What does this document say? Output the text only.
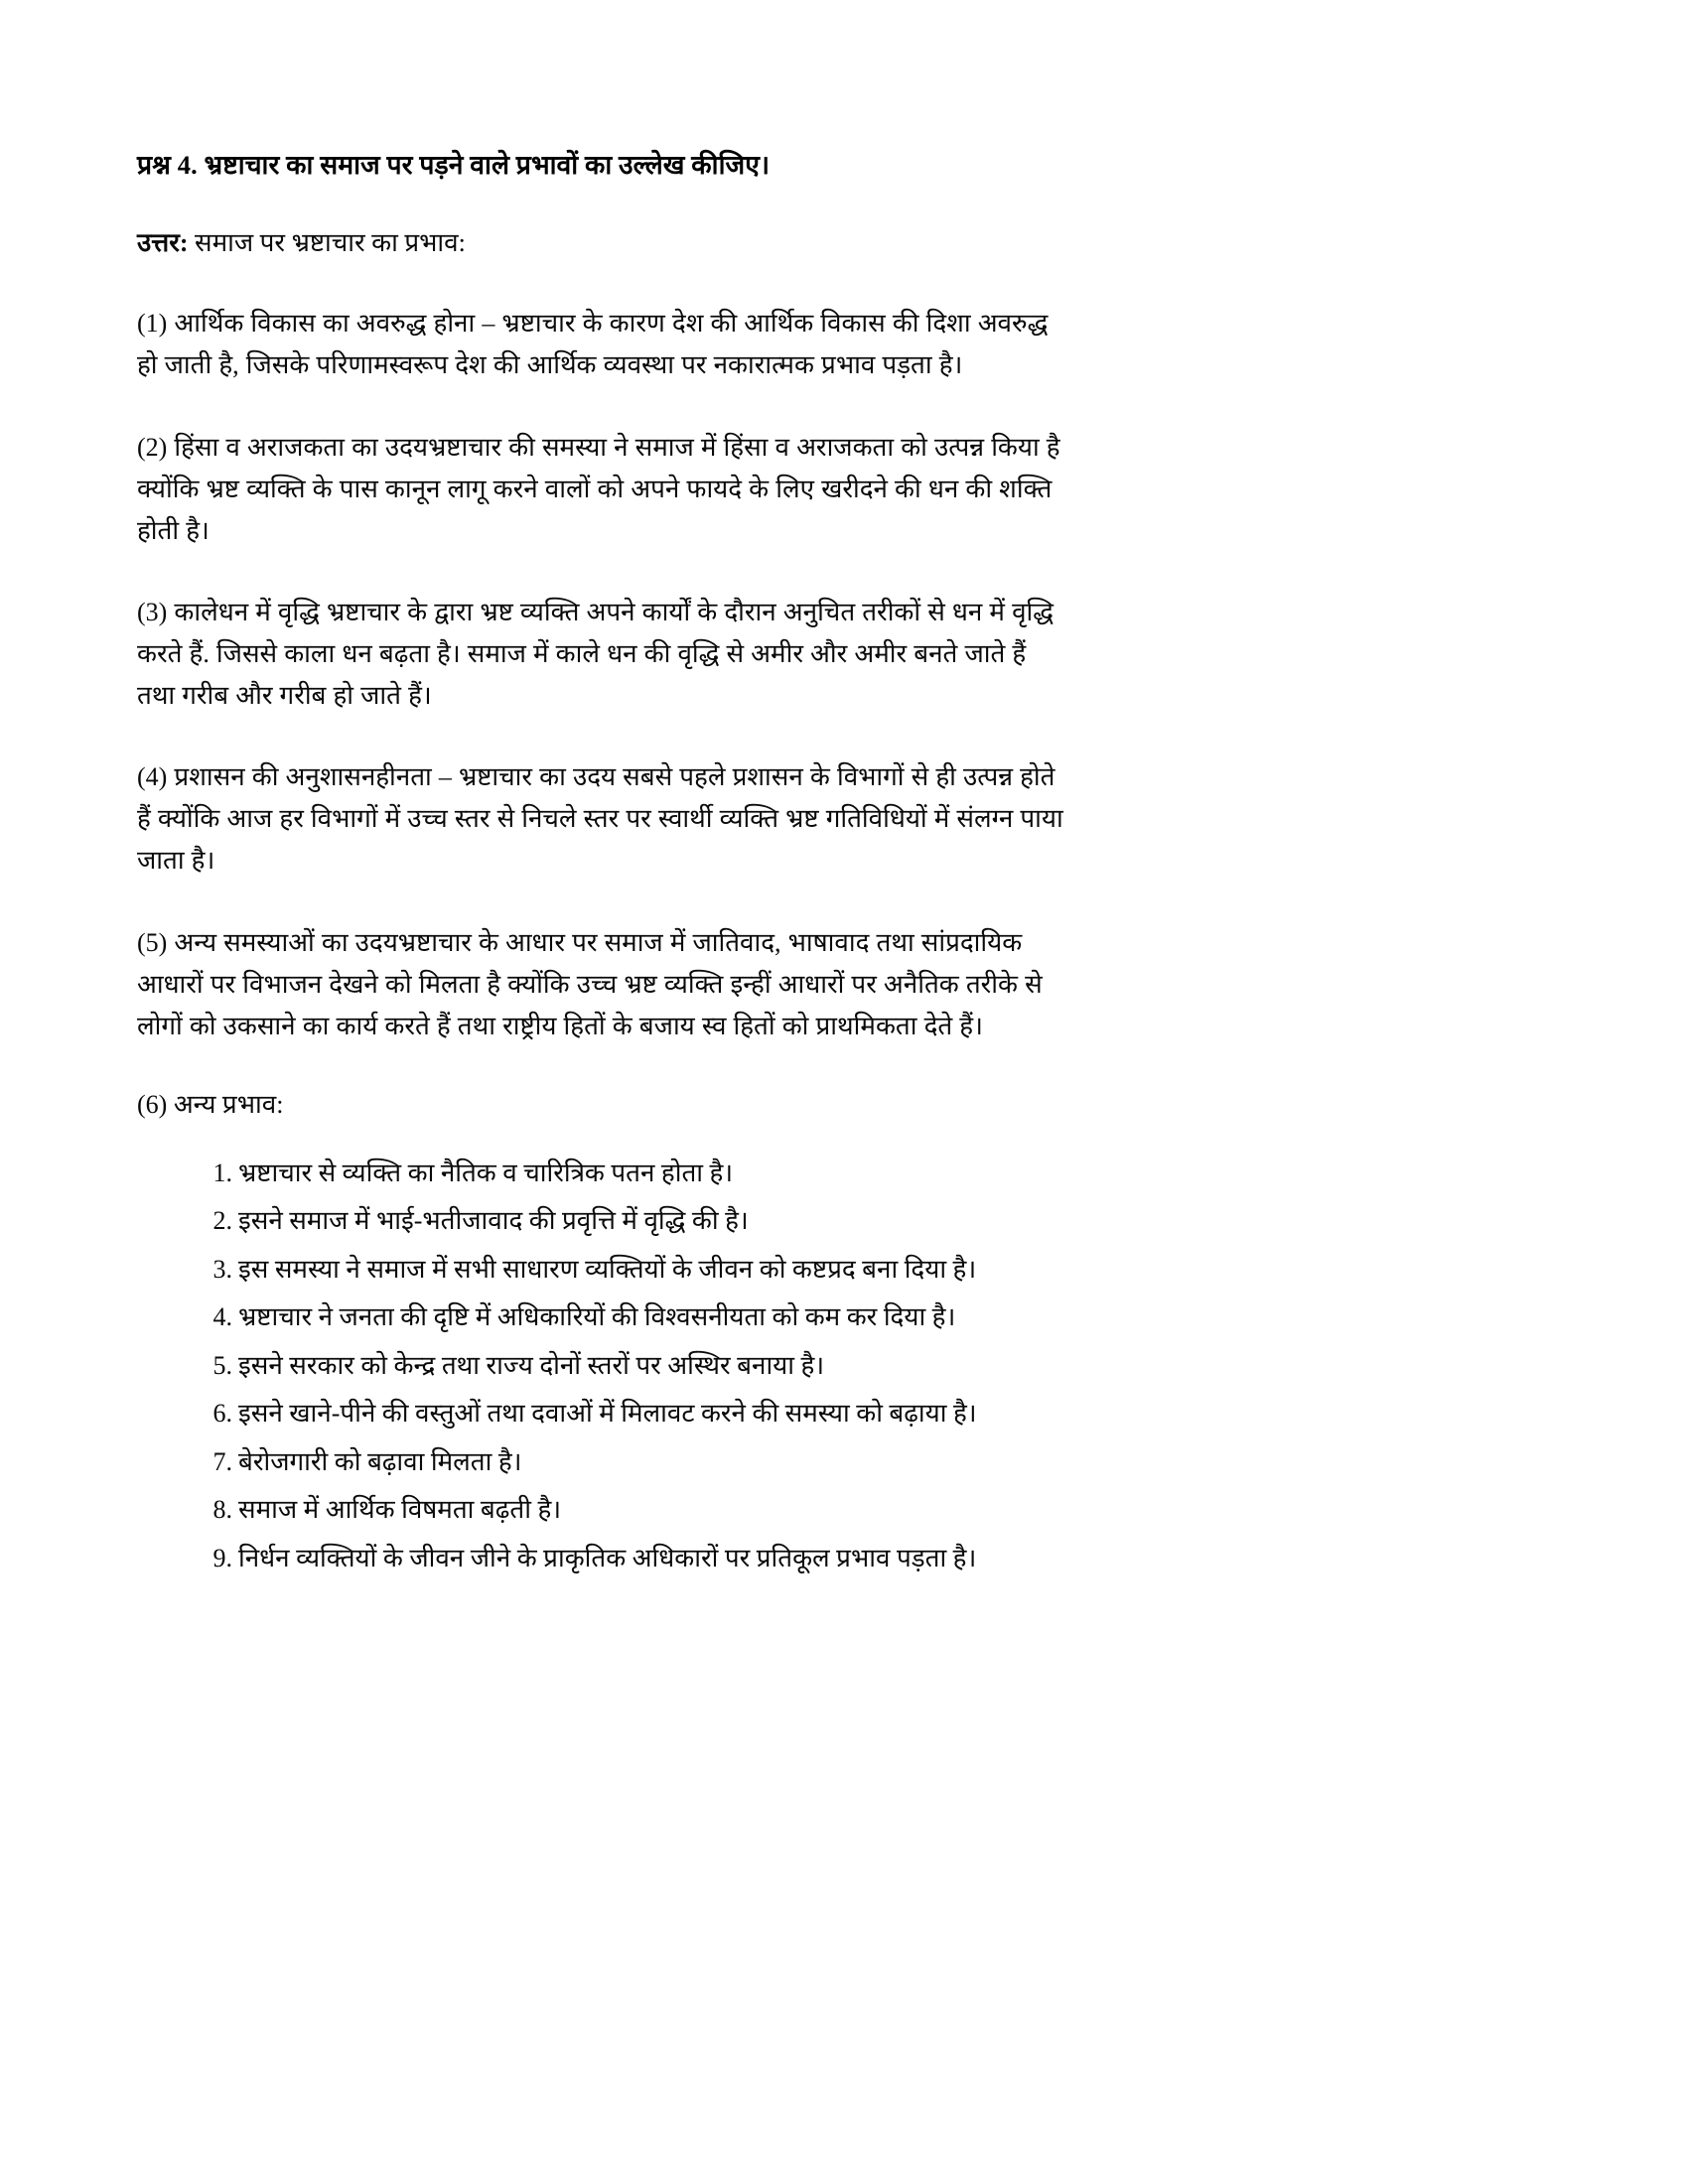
प्रश्न 4. भ्रष्टाचार का समाज पर पड़ने वाले प्रभावों का उल्लेख कीजिए।

उत्तर: समाज पर भ्रष्टाचार का प्रभाव:

(1) आर्थिक विकास का अवरुद्ध होना – भ्रष्टाचार के कारण देश की आर्थिक विकास की दिशा अवरुद्ध हो जाती है, जिसके परिणामस्वरूप देश की आर्थिक व्यवस्था पर नकारात्मक प्रभाव पड़ता है।

(2) हिंसा व अराजकता का उदयभ्रष्टाचार की समस्या ने समाज में हिंसा व अराजकता को उत्पन्न किया है क्योंकि भ्रष्ट व्यक्ति के पास कानून लागू करने वालों को अपने फायदे के लिए खरीदने की धन की शक्ति होती है।

(3) कालेधन में वृद्धि भ्रष्टाचार के द्वारा भ्रष्ट व्यक्ति अपने कार्यों के दौरान अनुचित तरीकों से धन में वृद्धि करते हैं. जिससे काला धन बढ़ता है। समाज में काले धन की वृद्धि से अमीर और अमीर बनते जाते हैं तथा गरीब और गरीब हो जाते हैं।

(4) प्रशासन की अनुशासनहीनता – भ्रष्टाचार का उदय सबसे पहले प्रशासन के विभागों से ही उत्पन्न होते हैं क्योंकि आज हर विभागों में उच्च स्तर से निचले स्तर पर स्वार्थी व्यक्ति भ्रष्ट गतिविधियों में संलग्न पाया जाता है।

(5) अन्य समस्याओं का उदयभ्रष्टाचार के आधार पर समाज में जातिवाद, भाषावाद तथा सांप्रदायिक आधारों पर विभाजन देखने को मिलता है क्योंकि उच्च भ्रष्ट व्यक्ति इन्हीं आधारों पर अनैतिक तरीके से लोगों को उकसाने का कार्य करते हैं तथा राष्ट्रीय हितों के बजाय स्व हितों को प्राथमिकता देते हैं।

(6) अन्य प्रभाव:

भ्रष्टाचार से व्यक्ति का नैतिक व चारित्रिक पतन होता है।
इसने समाज में भाई-भतीजावाद की प्रवृत्ति में वृद्धि की है।
इस समस्या ने समाज में सभी साधारण व्यक्तियों के जीवन को कष्टप्रद बना दिया है।
भ्रष्टाचार ने जनता की दृष्टि में अधिकारियों की विश्वसनीयता को कम कर दिया है।
इसने सरकार को केन्द्र तथा राज्य दोनों स्तरों पर अस्थिर बनाया है।
इसने खाने-पीने की वस्तुओं तथा दवाओं में मिलावट करने की समस्या को बढ़ाया है।
बेरोजगारी को बढ़ावा मिलता है।
समाज में आर्थिक विषमता बढ़ती है।
निर्धन व्यक्तियों के जीवन जीने के प्राकृतिक अधिकारों पर प्रतिकूल प्रभाव पड़ता है।
